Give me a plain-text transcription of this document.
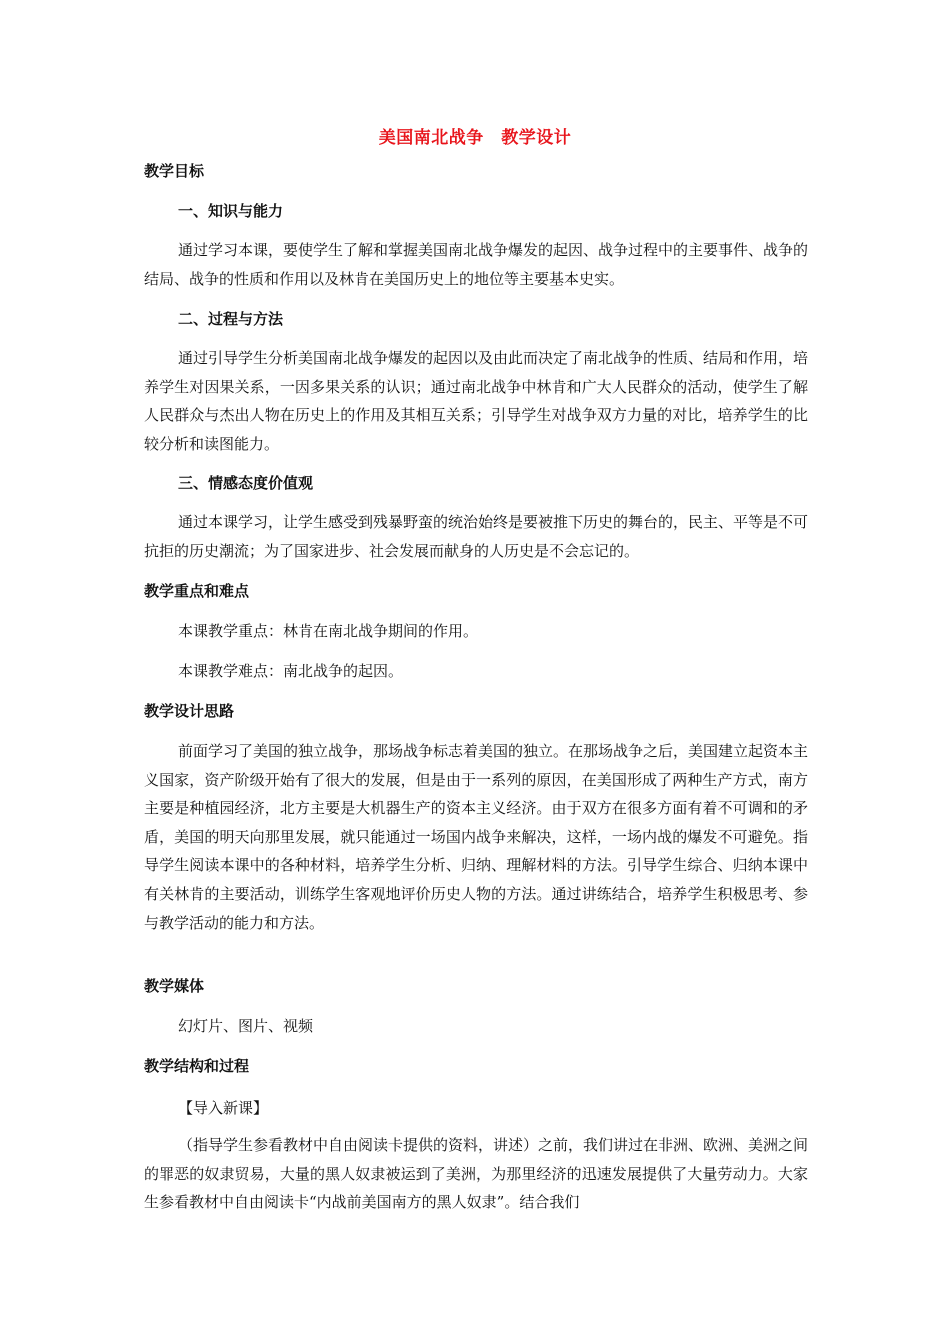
美国南北战争　教学设计
教学目标
一、知识与能力
通过学习本课，要使学生了解和掌握美国南北战争爆发的起因、战争过程中的主要事件、战争的结局、战争的性质和作用以及林肯在美国历史上的地位等主要基本史实。
二、过程与方法
通过引导学生分析美国南北战争爆发的起因以及由此而决定了南北战争的性质、结局和作用，培养学生对因果关系，一因多果关系的认识；通过南北战争中林肯和广大人民群众的活动，使学生了解人民群众与杰出人物在历史上的作用及其相互关系；引导学生对战争双方力量的对比，培养学生的比较分析和读图能力。
三、情感态度价值观
通过本课学习，让学生感受到残暴野蛮的统治始终是要被推下历史的舞台的，民主、平等是不可抗拒的历史潮流；为了国家进步、社会发展而献身的人历史是不会忘记的。
教学重点和难点
本课教学重点：林肯在南北战争期间的作用。
本课教学难点：南北战争的起因。
教学设计思路
前面学习了美国的独立战争，那场战争标志着美国的独立。在那场战争之后，美国建立起资本主义国家，资产阶级开始有了很大的发展，但是由于一系列的原因，在美国形成了两种生产方式，南方主要是种植园经济，北方主要是大机器生产的资本主义经济。由于双方在很多方面有着不可调和的矛盾，美国的明天向那里发展，就只能通过一场国内战争来解决，这样，一场内战的爆发不可避免。指导学生阅读本课中的各种材料，培养学生分析、归纳、理解材料的方法。引导学生综合、归纳本课中有关林肯的主要活动，训练学生客观地评价历史人物的方法。通过讲练结合，培养学生积极思考、参与教学活动的能力和方法。
教学媒体
幻灯片、图片、视频
教学结构和过程
【导入新课】
（指导学生参看教材中自由阅读卡提供的资料，讲述）之前，我们讲过在非洲、欧洲、美洲之间的罪恶的奴隶贸易，大量的黑人奴隶被运到了美洲，为那里经济的迅速发展提供了大量劳动力。大家生参看教材中自由阅读卡“内战前美国南方的黑人奴隶”。结合我们
